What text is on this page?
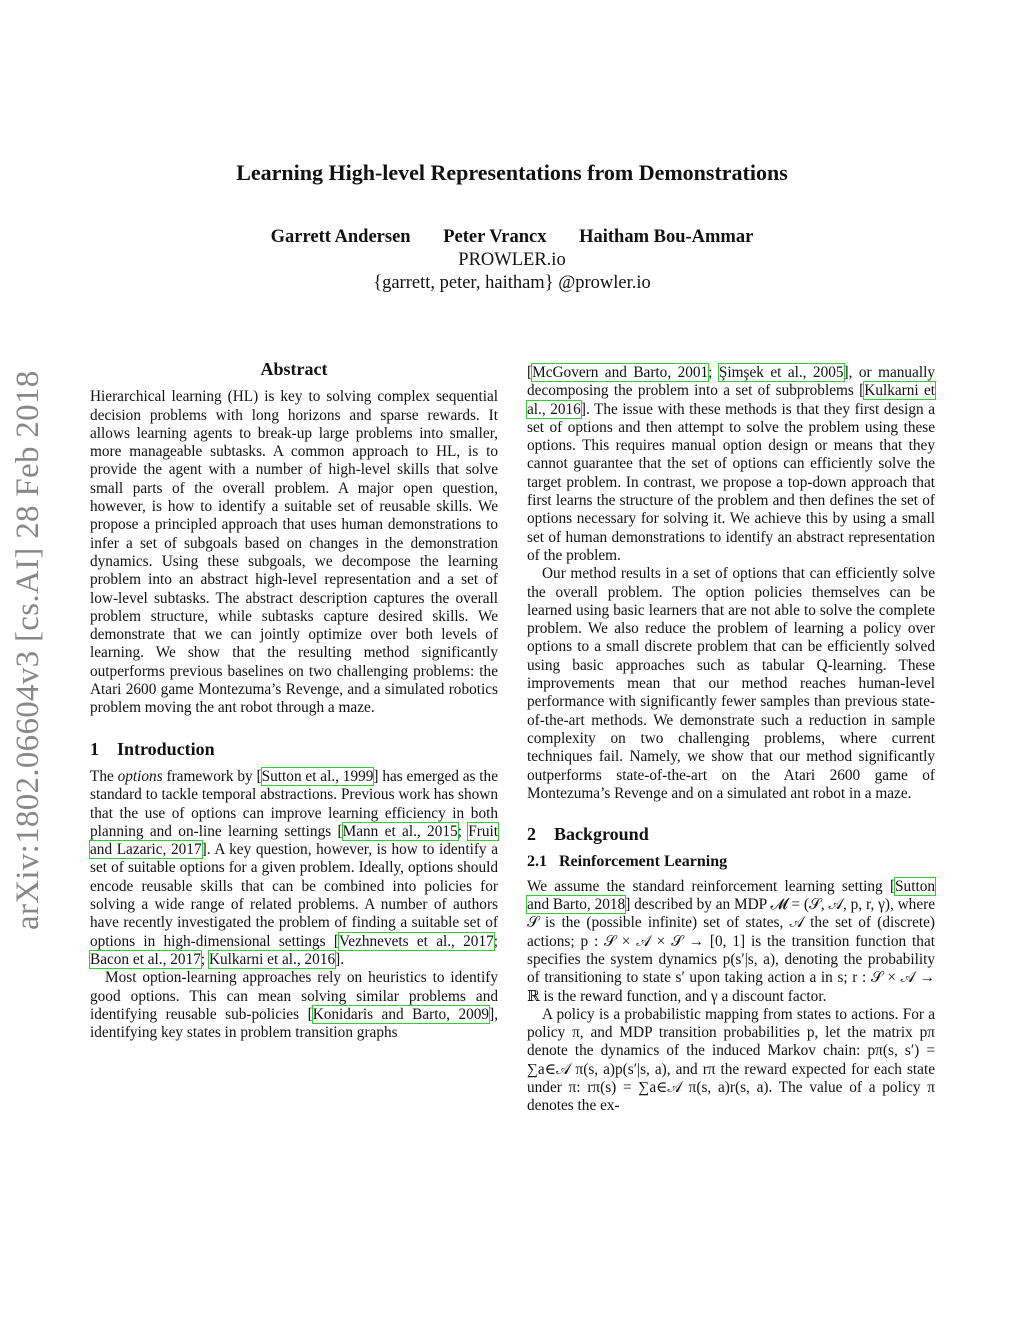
arXiv:1802.06604v3 [cs.AI] 28 Feb 2018
Learning High-level Representations from Demonstrations
Garrett Andersen Peter Vrancx Haitham Bou-Ammar
PROWLER.io
{garrett, peter, haitham} @prowler.io
Abstract

Hierarchical learning (HL) is key to solving complex sequential decision problems with long horizons and sparse rewards. It allows learning agents to break-up large problems into smaller, more manageable subtasks. A common approach to HL, is to provide the agent with a number of high-level skills that solve small parts of the overall problem. A major open question, however, is how to identify a suitable set of reusable skills. We propose a principled approach that uses human demonstrations to infer a set of subgoals based on changes in the demonstration dynamics. Using these subgoals, we decompose the learning problem into an abstract high-level representation and a set of low-level subtasks. The abstract description captures the overall problem structure, while subtasks capture desired skills. We demonstrate that we can jointly optimize over both levels of learning. We show that the resulting method significantly outperforms previous baselines on two challenging problems: the Atari 2600 game Montezuma’s Revenge, and a simulated robotics problem moving the ant robot through a maze.

1 Introduction

The options framework by [Sutton et al., 1999] has emerged as the standard to tackle temporal abstractions. Previous work has shown that the use of options can improve learning efficiency in both planning and on-line learning settings [Mann et al., 2015; Fruit and Lazaric, 2017]. A key question, however, is how to identify a set of suitable options for a given problem. Ideally, options should encode reusable skills that can be combined into policies for solving a wide range of related problems. A number of authors have recently investigated the problem of finding a suitable set of options in high-dimensional settings [Vezhnevets et al., 2017; Bacon et al., 2017; Kulkarni et al., 2016].

Most option-learning approaches rely on heuristics to identify good options. This can mean solving similar problems and identifying reusable sub-policies [Konidaris and Barto, 2009], identifying key states in problem transition graphs

[McGovern and Barto, 2001; Şimşek et al., 2005], or manually decomposing the problem into a set of subproblems [Kulkarni et al., 2016]. The issue with these methods is that they first design a set of options and then attempt to solve the problem using these options. This requires manual option design or means that they cannot guarantee that the set of options can efficiently solve the target problem. In contrast, we propose a top-down approach that first learns the structure of the problem and then defines the set of options necessary for solving it. We achieve this by using a small set of human demonstrations to identify an abstract representation of the problem.

Our method results in a set of options that can efficiently solve the overall problem. The option policies themselves can be learned using basic learners that are not able to solve the complete problem. We also reduce the problem of learning a policy over options to a small discrete problem that can be efficiently solved using basic approaches such as tabular Q-learning. These improvements mean that our method reaches human-level performance with significantly fewer samples than previous state-of-the-art methods. We demonstrate such a reduction in sample complexity on two challenging problems, where current techniques fail. Namely, we show that our method significantly outperforms state-of-the-art on the Atari 2600 game of Montezuma’s Revenge and on a simulated ant robot in a maze.

2 Background
2.1 Reinforcement Learning

We assume the standard reinforcement learning setting [Sutton and Barto, 2018] described by an MDP 𝓜 = (𝒮, 𝒜, p, r, γ), where 𝒮 is the (possible infinite) set of states, 𝒜 the set of (discrete) actions; p : 𝒮 × 𝒜 × 𝒮 → [0, 1] is the transition function that specifies the system dynamics p(s′|s, a), denoting the probability of transitioning to state s′ upon taking action a in s; r : 𝒮 × 𝒜 → ℝ is the reward function, and γ a discount factor.

A policy is a probabilistic mapping from states to actions. For a policy π, and MDP transition probabilities p, let the matrix pπ denote the dynamics of the induced Markov chain: pπ(s, s′) = ∑a∈𝒜 π(s, a)p(s′|s, a), and rπ the reward expected for each state under π: rπ(s) = ∑a∈𝒜 π(s, a)r(s, a). The value of a policy π denotes the ex-
